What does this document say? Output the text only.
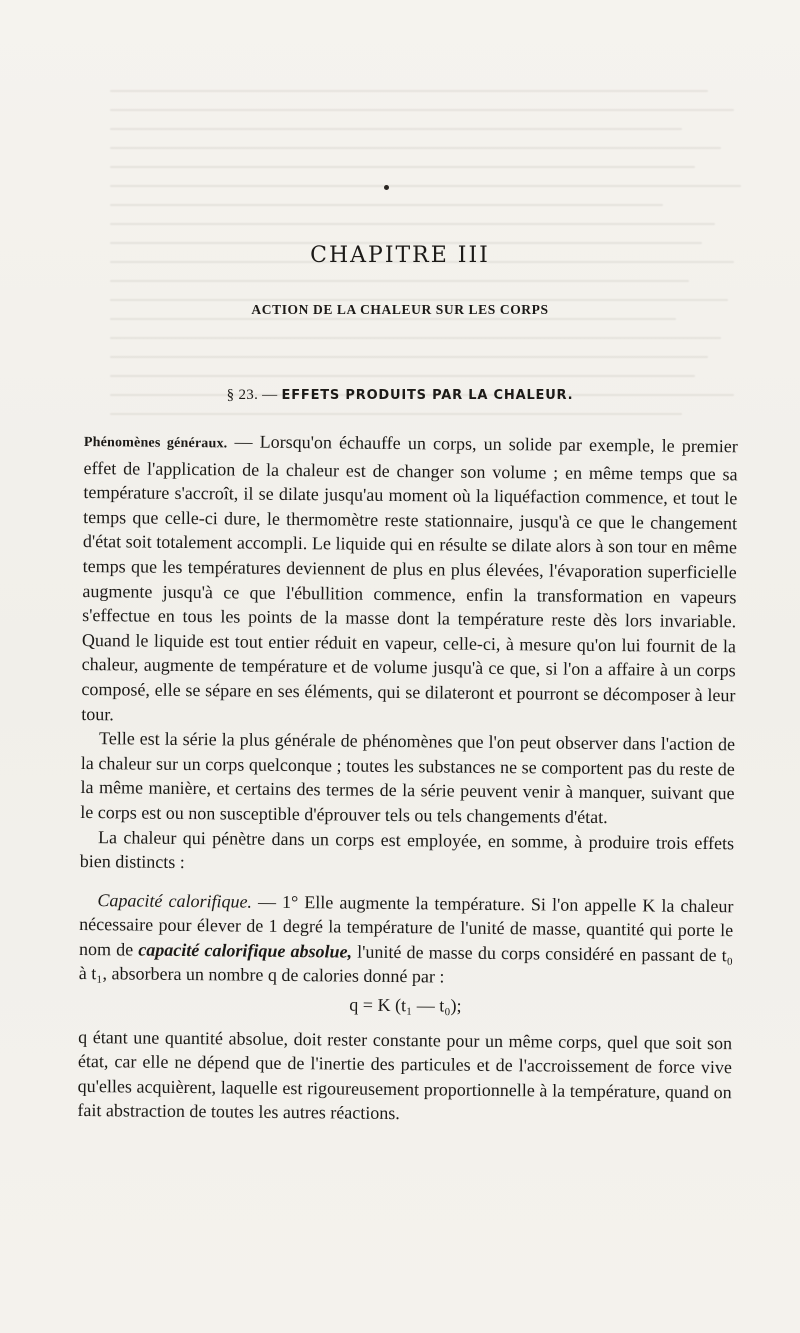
CHAPITRE III
ACTION DE LA CHALEUR SUR LES CORPS
§ 23. — EFFETS PRODUITS PAR LA CHALEUR.

Phénomènes généraux. — Lorsqu'on échauffe un corps, un solide par exemple, le premier effet de l'application de la chaleur est de changer son volume ; en même temps que sa température s'accroît, il se dilate jusqu'au moment où la liquéfaction commence, et tout le temps que celle-ci dure, le thermomètre reste stationnaire, jusqu'à ce que le changement d'état soit totalement accompli. Le liquide qui en résulte se dilate alors à son tour en même temps que les températures deviennent de plus en plus élevées, l'évaporation superficielle augmente jusqu'à ce que l'ébullition commence, enfin la transformation en vapeurs s'effectue en tous les points de la masse dont la température reste dès lors invariable. Quand le liquide est tout entier réduit en vapeur, celle-ci, à mesure qu'on lui fournit de la chaleur, augmente de température et de volume jusqu'à ce que, si l'on a affaire à un corps composé, elle se sépare en ses éléments, qui se dilateront et pourront se décomposer à leur tour.

Telle est la série la plus générale de phénomènes que l'on peut observer dans l'action de la chaleur sur un corps quelconque ; toutes les substances ne se comportent pas du reste de la même manière, et certains des termes de la série peuvent venir à manquer, suivant que le corps est ou non susceptible d'éprouver tels ou tels changements d'état.

La chaleur qui pénètre dans un corps est employée, en somme, à produire trois effets bien distincts :

Capacité calorifique. — 1° Elle augmente la température. Si l'on appelle K la chaleur nécessaire pour élever de 1 degré la température de l'unité de masse, quantité qui porte le nom de capacité calorifique absolue, l'unité de masse du corps considéré en passant de t₀ à t₁, absorbera un nombre q de calories donné par :

q = K (t₁ — t₀);

q étant une quantité absolue, doit rester constante pour un même corps, quel que soit son état, car elle ne dépend que de l'inertie des particules et de l'accroissement de force vive qu'elles acquièrent, laquelle est rigoureusement proportionnelle à la température, quand on fait abstraction de toutes les autres réactions.
